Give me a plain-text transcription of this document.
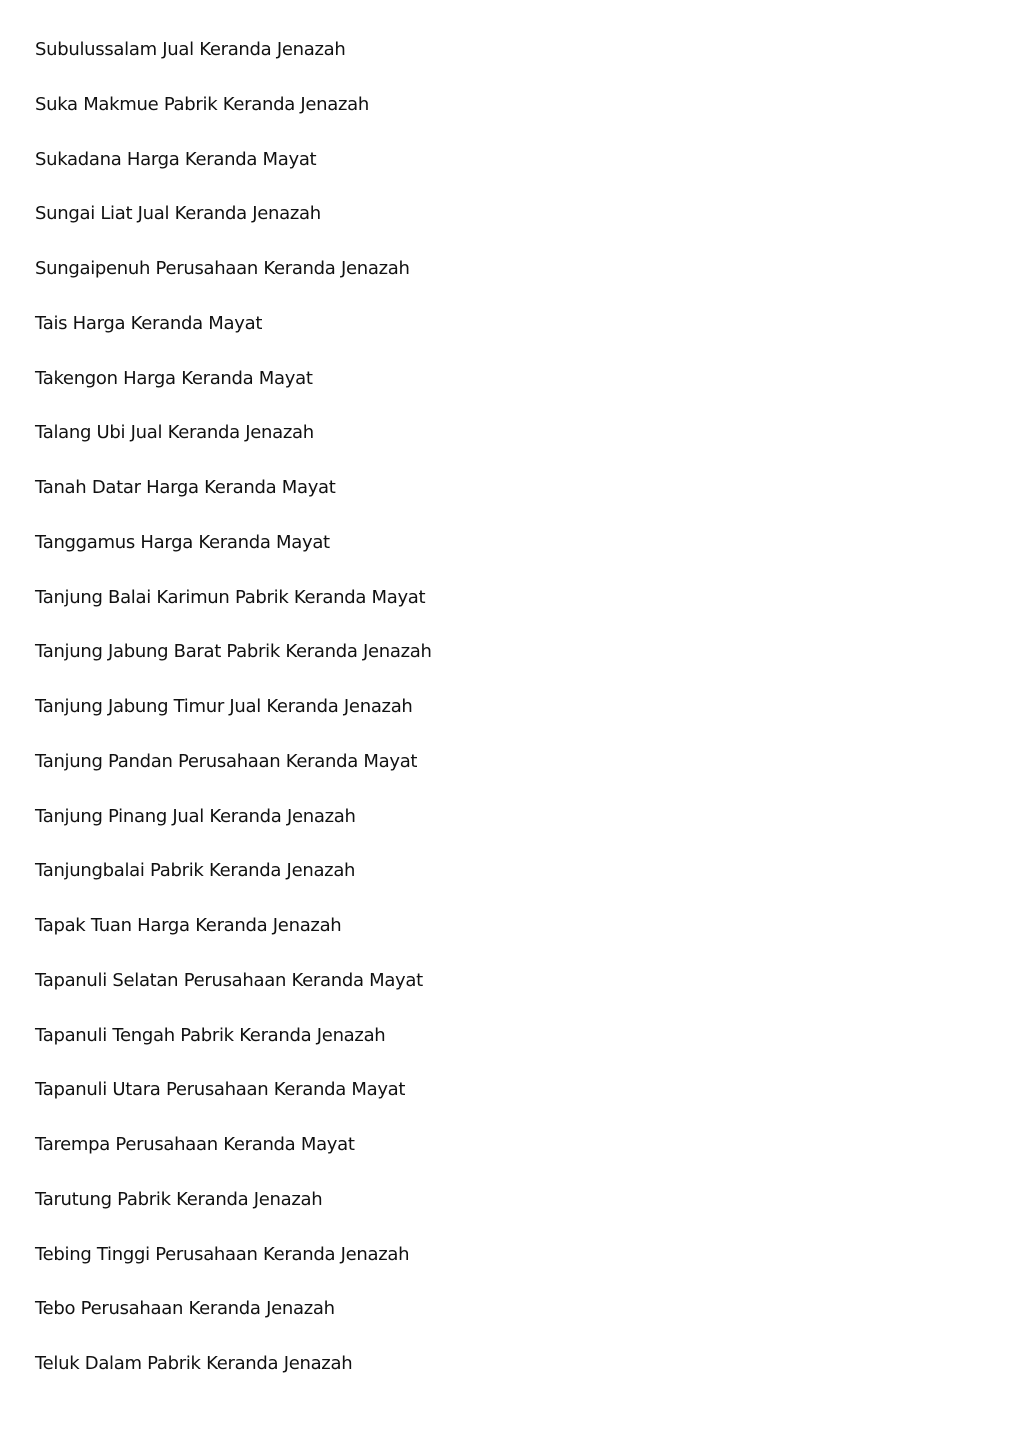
Subulussalam Jual Keranda Jenazah
Suka Makmue Pabrik Keranda Jenazah
Sukadana Harga Keranda Mayat
Sungai Liat Jual Keranda Jenazah
Sungaipenuh Perusahaan Keranda Jenazah
Tais Harga Keranda Mayat
Takengon Harga Keranda Mayat
Talang Ubi Jual Keranda Jenazah
Tanah Datar Harga Keranda Mayat
Tanggamus Harga Keranda Mayat
Tanjung Balai Karimun Pabrik Keranda Mayat
Tanjung Jabung Barat Pabrik Keranda Jenazah
Tanjung Jabung Timur Jual Keranda Jenazah
Tanjung Pandan Perusahaan Keranda Mayat
Tanjung Pinang Jual Keranda Jenazah
Tanjungbalai Pabrik Keranda Jenazah
Tapak Tuan Harga Keranda Jenazah
Tapanuli Selatan Perusahaan Keranda Mayat
Tapanuli Tengah Pabrik Keranda Jenazah
Tapanuli Utara Perusahaan Keranda Mayat
Tarempa Perusahaan Keranda Mayat
Tarutung Pabrik Keranda Jenazah
Tebing Tinggi Perusahaan Keranda Jenazah
Tebo Perusahaan Keranda Jenazah
Teluk Dalam Pabrik Keranda Jenazah
